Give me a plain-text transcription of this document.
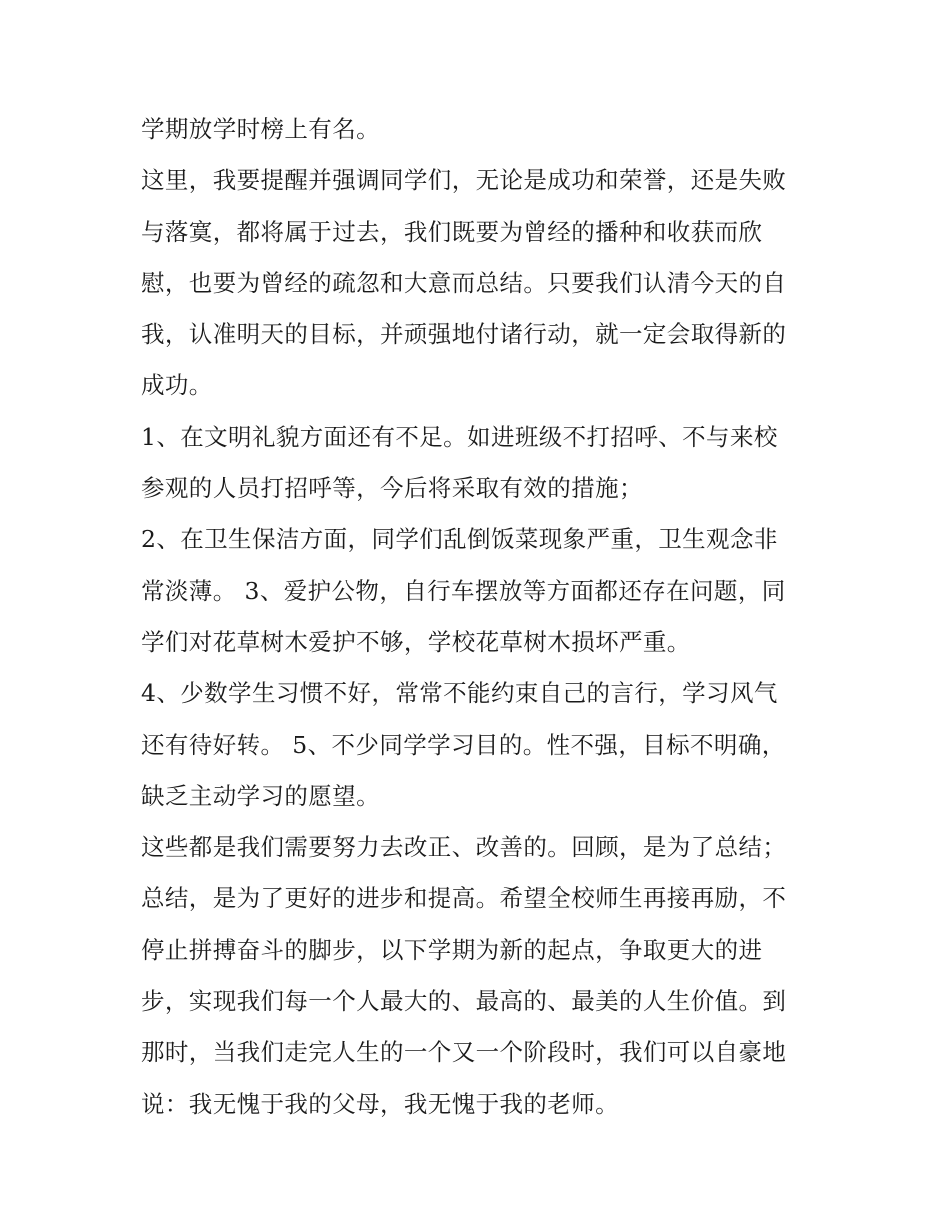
学期放学时榜上有名。
这里，我要提醒并强调同学们，无论是成功和荣誉，还是失败
与落寞，都将属于过去，我们既要为曾经的播种和收获而欣
慰，也要为曾经的疏忽和大意而总结。只要我们认清今天的自
我，认准明天的目标，并顽强地付诸行动，就一定会取得新的
成功。
1、在文明礼貌方面还有不足。如进班级不打招呼、不与来校
参观的人员打招呼等，今后将采取有效的措施；
2、在卫生保洁方面，同学们乱倒饭菜现象严重，卫生观念非
常淡薄。 3、爱护公物，自行车摆放等方面都还存在问题，同
学们对花草树木爱护不够，学校花草树木损坏严重。
4、少数学生习惯不好，常常不能约束自己的言行，学习风气
还有待好转。 5、不少同学学习目的。性不强，目标不明确，
缺乏主动学习的愿望。
这些都是我们需要努力去改正、改善的。回顾，是为了总结；
总结，是为了更好的进步和提高。希望全校师生再接再励，不
停止拼搏奋斗的脚步，以下学期为新的起点，争取更大的进
步，实现我们每一个人最大的、最高的、最美的人生价值。到
那时，当我们走完人生的一个又一个阶段时，我们可以自豪地
说：我无愧于我的父母，我无愧于我的老师。
